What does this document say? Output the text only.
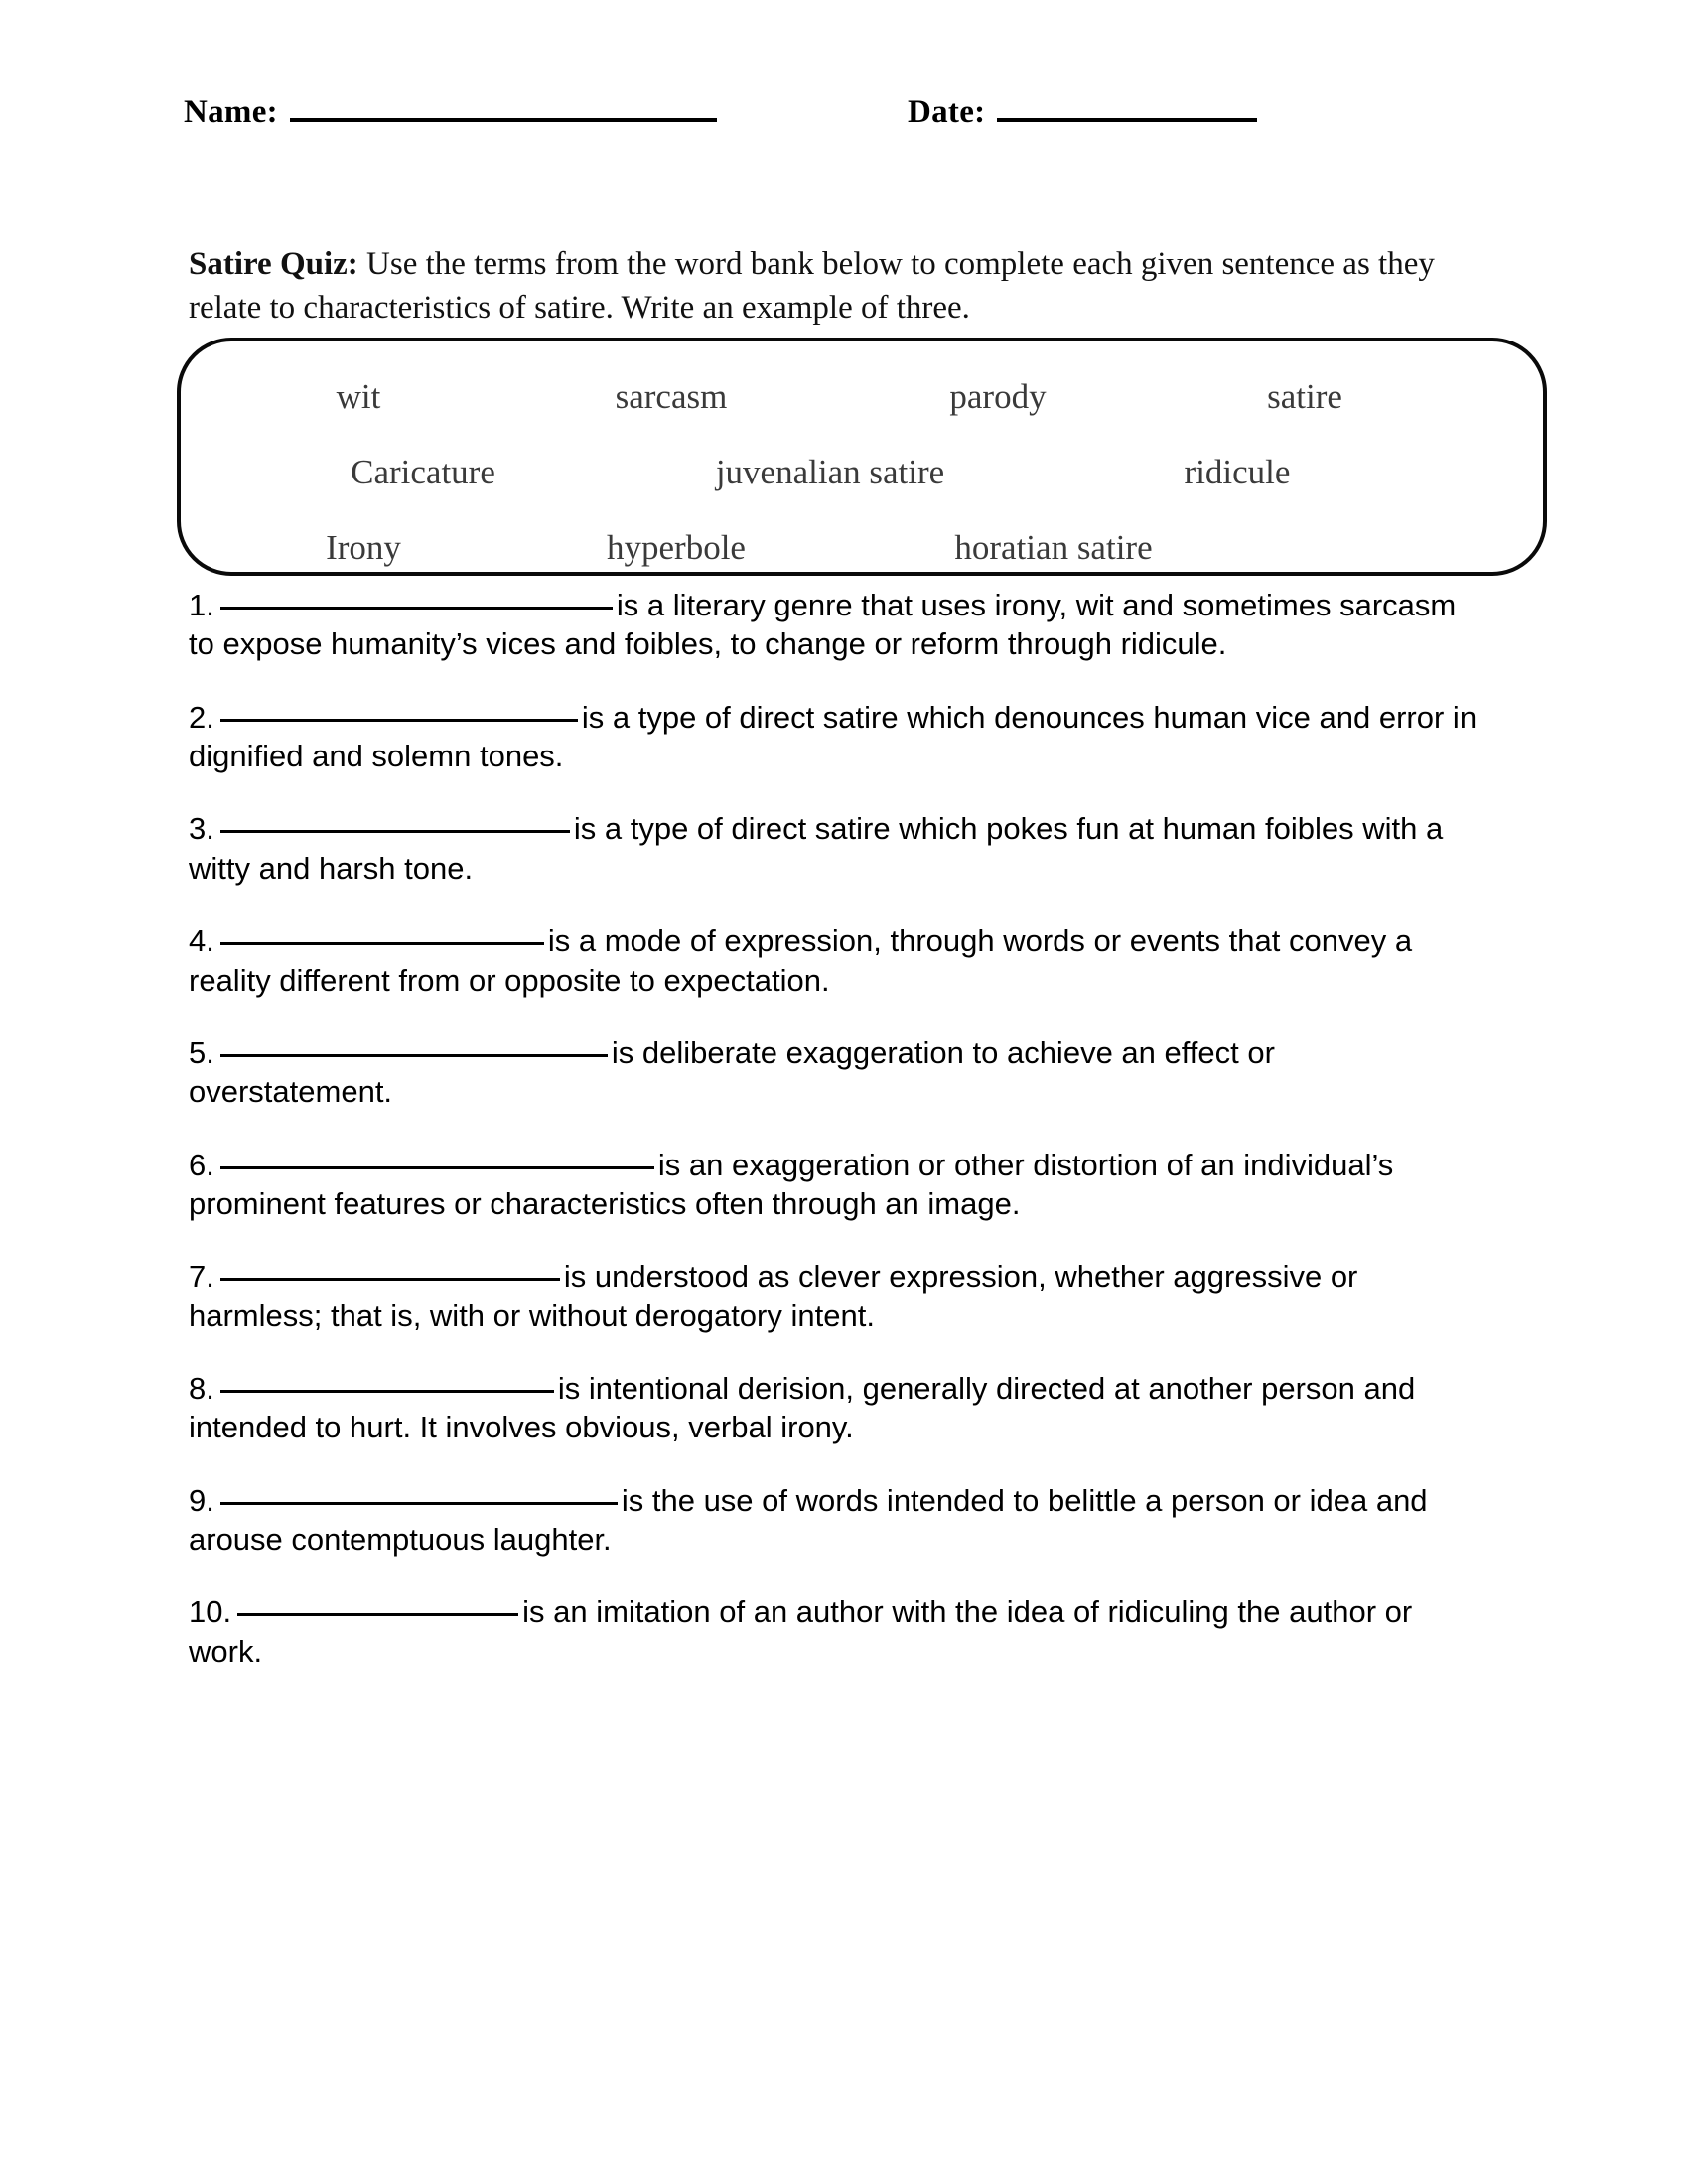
Name:	Date:
Satire Quiz: Use the terms from the word bank below to complete each given sentence as they relate to characteristics of satire. Write an example of three.
wit	sarcasm	parody	satire
Caricature	juvenalian satire	ridicule
Irony	hyperbole	horatian satire
1.	is a literary genre that uses irony, wit and sometimes sarcasm to expose humanity’s vices and foibles, to change or reform through ridicule.
2.	is a type of direct satire which denounces human vice and error in dignified and solemn tones.
3.	is a type of direct satire which pokes fun at human foibles with a witty and harsh tone.
4.	is a mode of expression, through words or events that convey a reality different from or opposite to expectation.
5.	is deliberate exaggeration to achieve an effect or overstatement.
6.	is an exaggeration or other distortion of an individual’s prominent features or characteristics often through an image.
7.	is understood as clever expression, whether aggressive or harmless; that is, with or without derogatory intent.
8.	is intentional derision, generally directed at another person and intended to hurt. It involves obvious, verbal irony.
9.	is the use of words intended to belittle a person or idea and arouse contemptuous laughter.
10.	is an imitation of an author with the idea of ridiculing the author or work.
